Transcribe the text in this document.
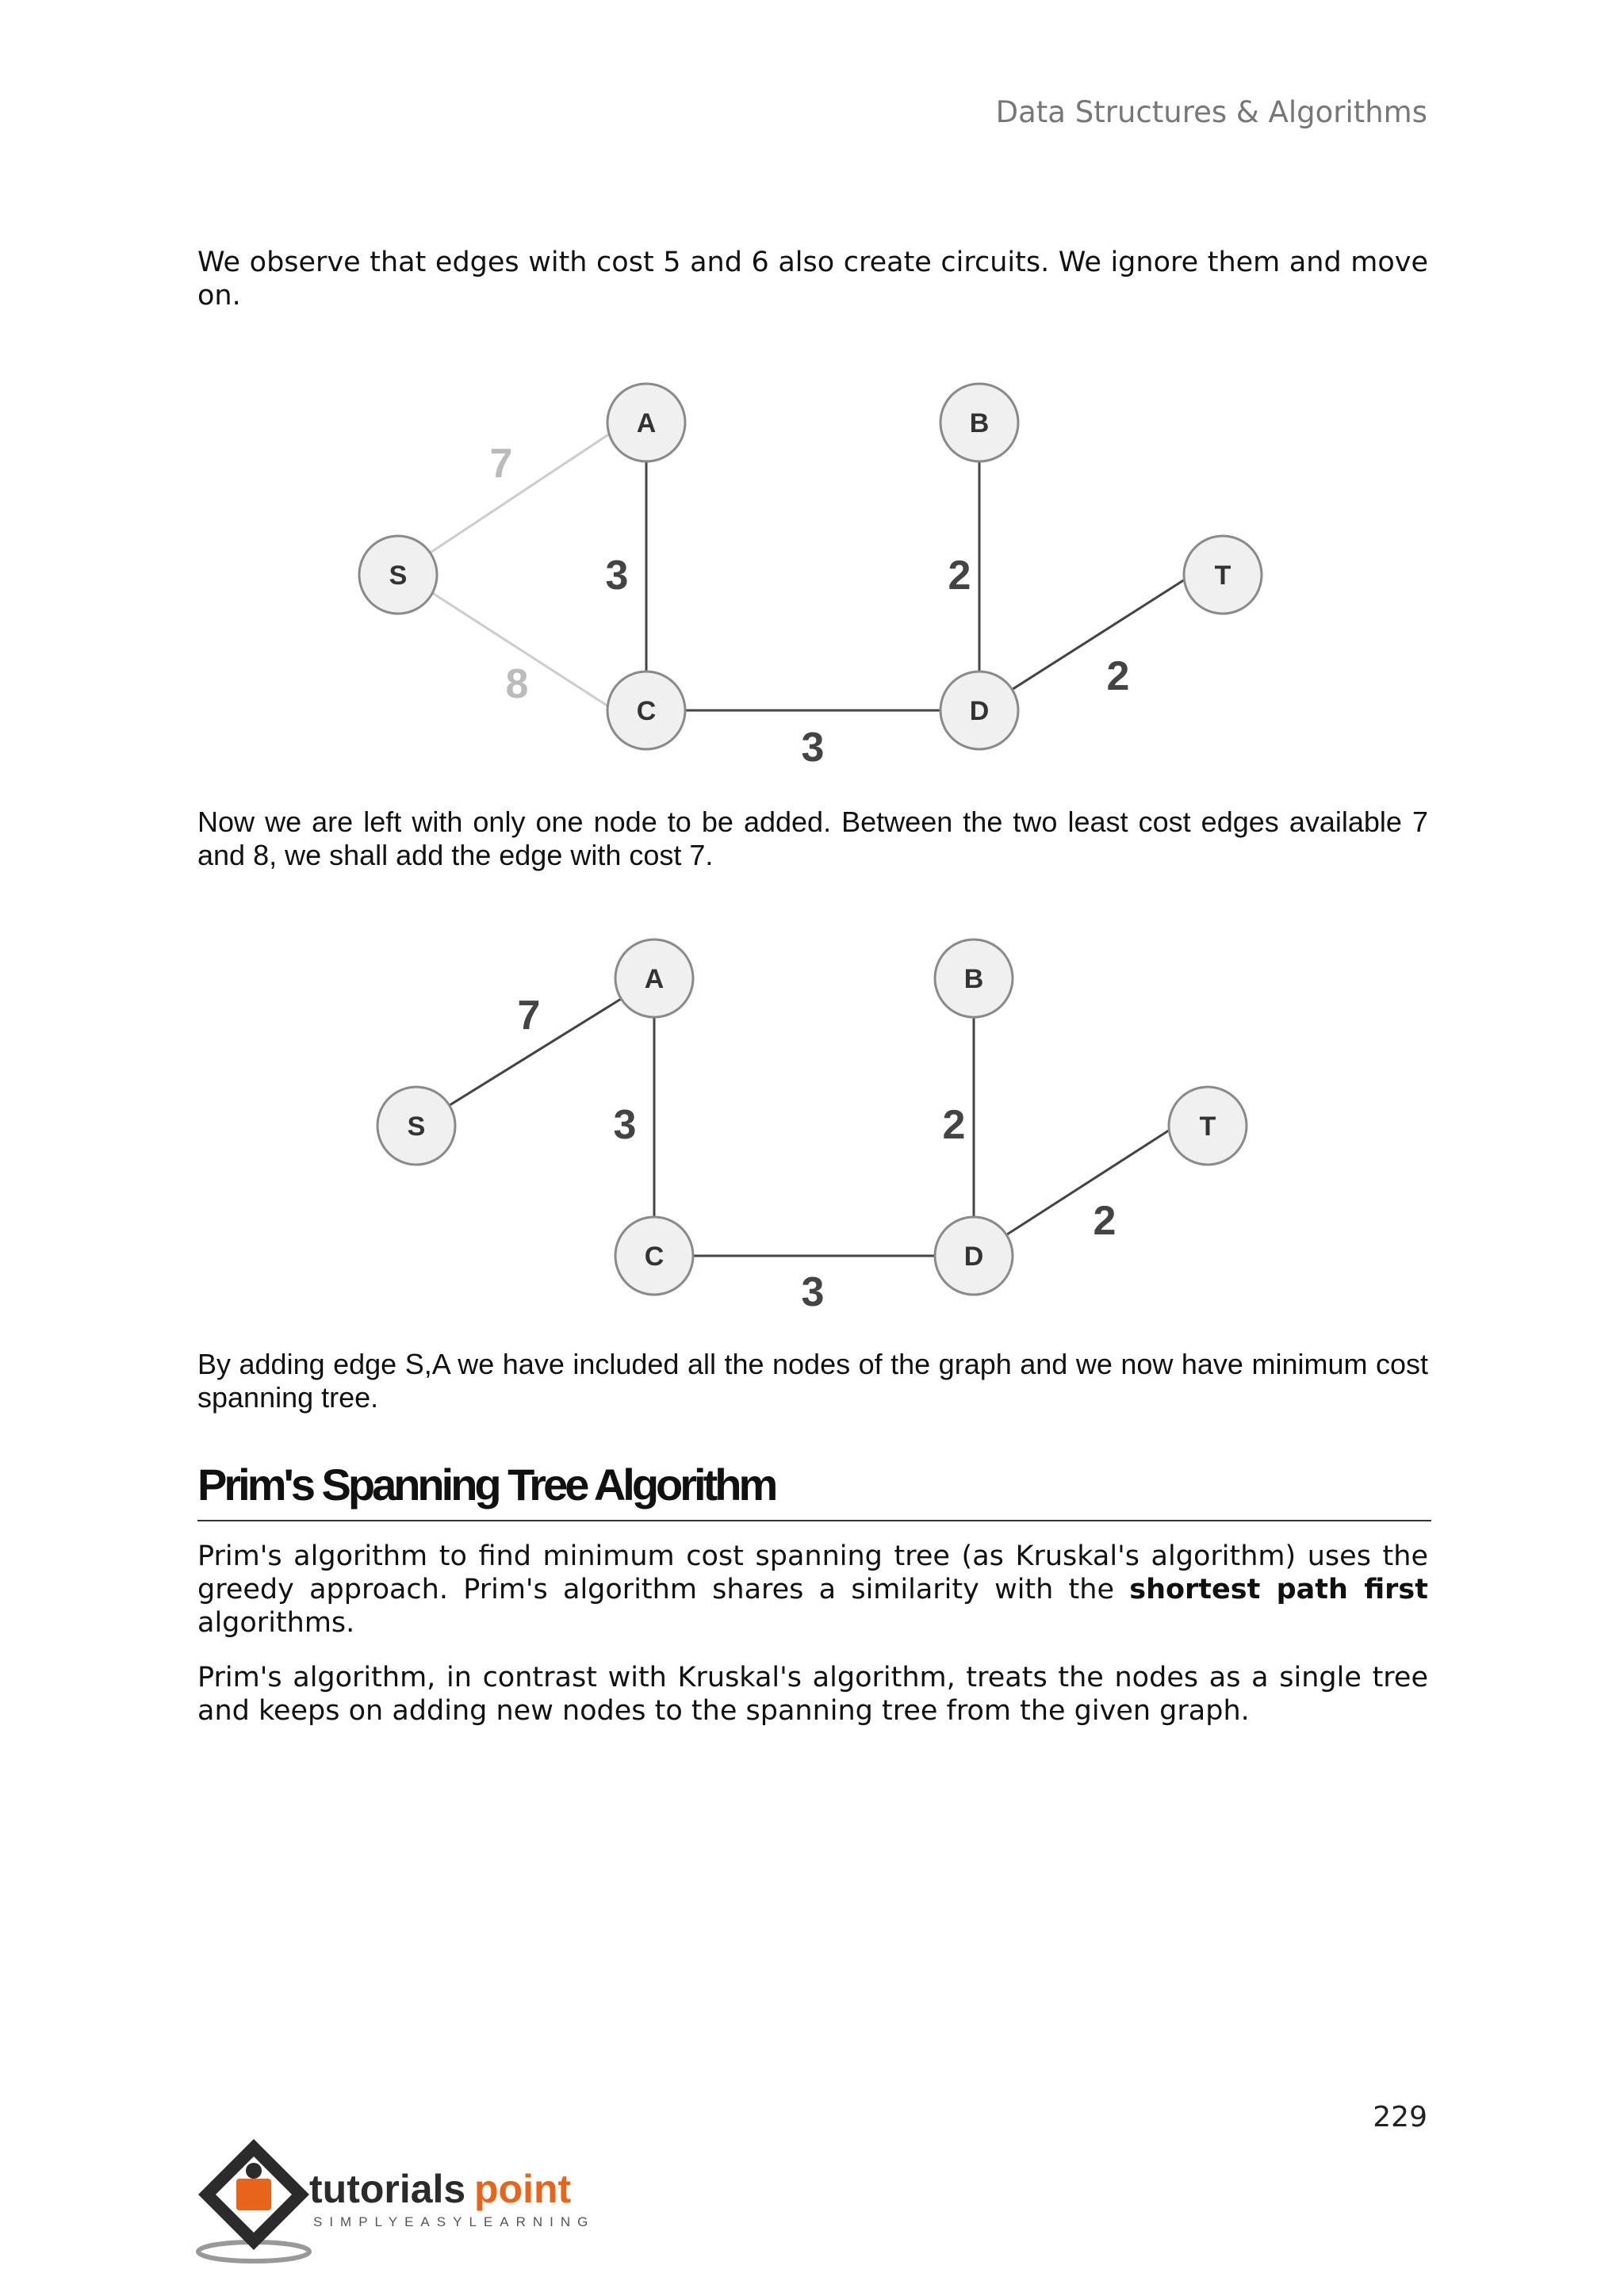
Data Structures & Algorithms

We observe that edges with cost 5 and 6 also create circuits. We ignore them and move on.

7
8
3	2
3
2
S
A	B
C	D
T

Now we are left with only one node to be added. Between the two least cost edges available 7 and 8, we shall add the edge with cost 7.

7
3	2
3
2
S
A	B
C	D
T

By adding edge S,A we have included all the nodes of the graph and we now have minimum cost spanning tree.

Prim's Spanning Tree Algorithm

Prim's algorithm to find minimum cost spanning tree (as Kruskal's algorithm) uses the greedy approach. Prim's algorithm shares a similarity with the shortest path first algorithms.

Prim's algorithm, in contrast with Kruskal's algorithm, treats the nodes as a single tree and keeps on adding new nodes to the spanning tree from the given graph.

229
tutorials point
SIMPLYEASYLEARNING
